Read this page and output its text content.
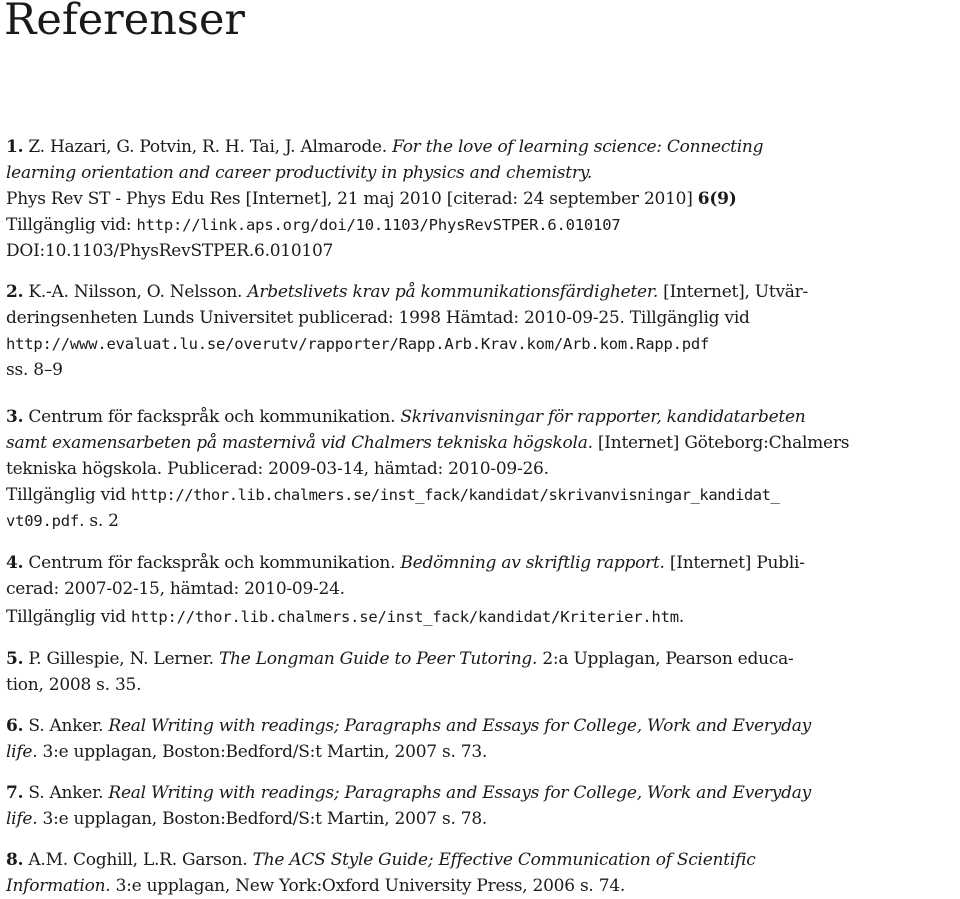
Referenser
1. Z. Hazari, G. Potvin, R. H. Tai, J. Almarode. For the love of learning science: Connecting
learning orientation and career productivity in physics and chemistry.
Phys Rev ST - Phys Edu Res [Internet], 21 maj 2010 [citerad: 24 september 2010] 6(9)
Tillgänglig vid: http://link.aps.org/doi/10.1103/PhysRevSTPER.6.010107
DOI:10.1103/PhysRevSTPER.6.010107
2. K.-A. Nilsson, O. Nelsson. Arbetslivets krav på kommunikationsfärdigheter. [Internet], Utvär-
deringsenheten Lunds Universitet publicerad: 1998 Hämtad: 2010-09-25. Tillgänglig vid
http://www.evaluat.lu.se/overutv/rapporter/Rapp.Arb.Krav.kom/Arb.kom.Rapp.pdf
ss. 8–9
3. Centrum för fackspråk och kommunikation. Skrivanvisningar för rapporter, kandidatarbeten
samt examensarbeten på masternivå vid Chalmers tekniska högskola. [Internet] Göteborg:Chalmers
tekniska högskola. Publicerad: 2009-03-14, hämtad: 2010-09-26.
Tillgänglig vid http://thor.lib.chalmers.se/inst_fack/kandidat/skrivanvisningar_kandidat_
vt09.pdf. s. 2
4. Centrum för fackspråk och kommunikation. Bedömning av skriftlig rapport. [Internet] Publi-
cerad: 2007-02-15, hämtad: 2010-09-24.
Tillgänglig vid http://thor.lib.chalmers.se/inst_fack/kandidat/Kriterier.htm.
5. P. Gillespie, N. Lerner. The Longman Guide to Peer Tutoring. 2:a Upplagan, Pearson educa-
tion, 2008 s. 35.
6. S. Anker. Real Writing with readings; Paragraphs and Essays for College, Work and Everyday
life. 3:e upplagan, Boston:Bedford/S:t Martin, 2007 s. 73.
7. S. Anker. Real Writing with readings; Paragraphs and Essays for College, Work and Everyday
life. 3:e upplagan, Boston:Bedford/S:t Martin, 2007 s. 78.
8. A.M. Coghill, L.R. Garson. The ACS Style Guide; Effective Communication of Scientific
Information. 3:e upplagan, New York:Oxford University Press, 2006 s. 74.
